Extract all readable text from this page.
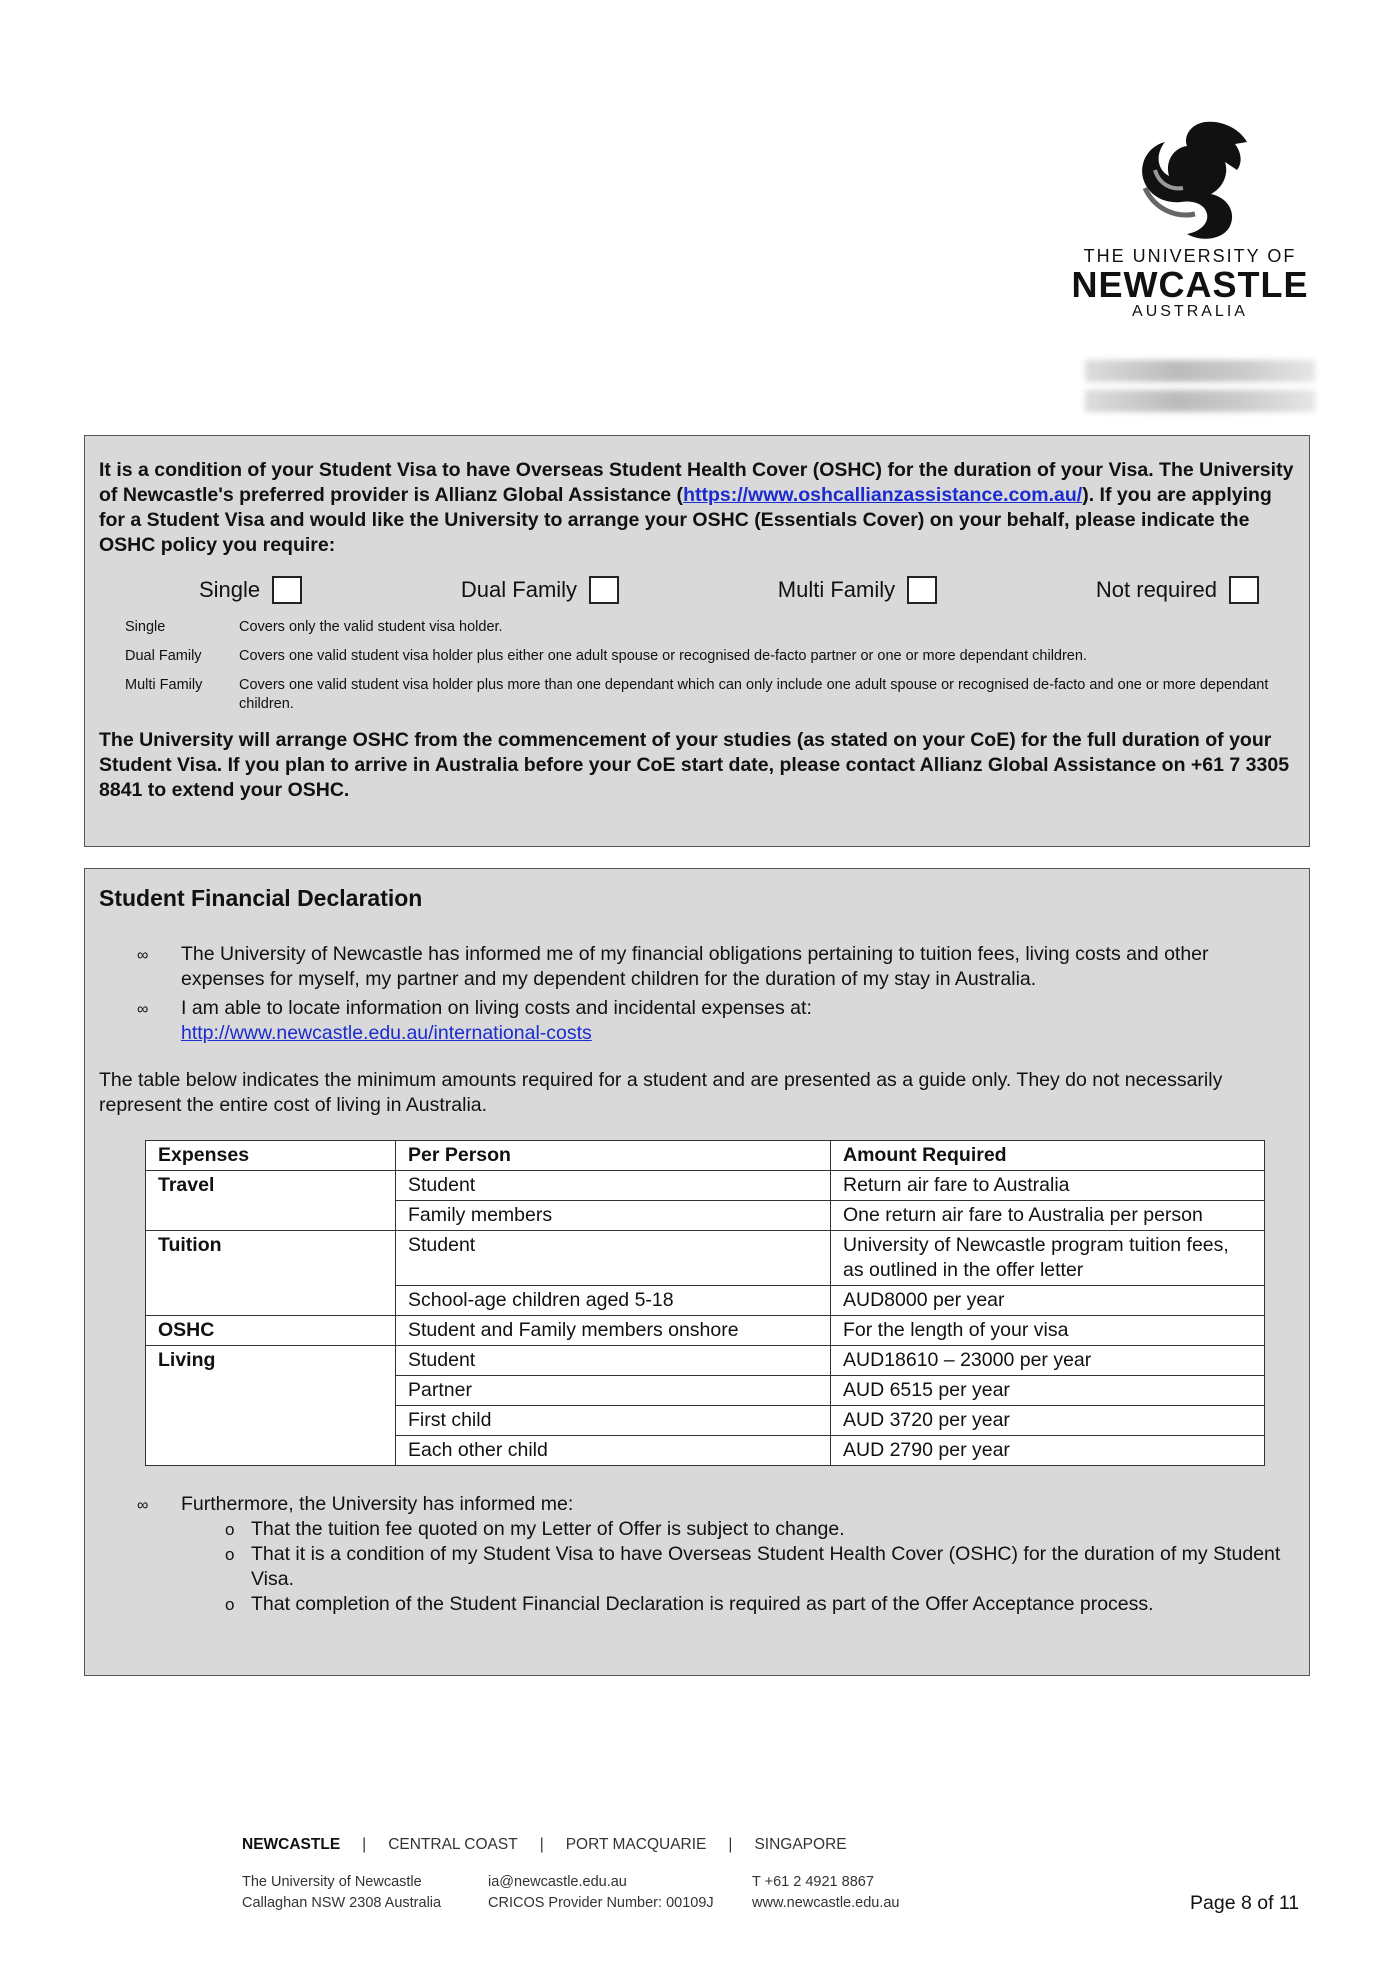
THE UNIVERSITY OF
NEWCASTLE
AUSTRALIA

It is a condition of your Student Visa to have Overseas Student Health Cover (OSHC) for the duration of your Visa. The University of Newcastle's preferred provider is Allianz Global Assistance (https://www.oshcallianzassistance.com.au/). If you are applying for a Student Visa and would like the University to arrange your OSHC (Essentials Cover) on your behalf, please indicate the OSHC policy you require:

Single	Dual Family	Multi Family	Not required
Single	Covers only the valid student visa holder.
Dual Family	Covers one valid student visa holder plus either one adult spouse or recognised de-facto partner or one or more dependant children.
Multi Family	Covers one valid student visa holder plus more than one dependant which can only include one adult spouse or recognised de-facto and one or more dependant children.

The University will arrange OSHC from the commencement of your studies (as stated on your CoE) for the full duration of your Student Visa. If you plan to arrive in Australia before your CoE start date, please contact Allianz Global Assistance on +61 7 3305 8841 to extend your OSHC.

Student Financial Declaration
∞ The University of Newcastle has informed me of my financial obligations pertaining to tuition fees, living costs and other expenses for myself, my partner and my dependent children for the duration of my stay in Australia.
∞ I am able to locate information on living costs and incidental expenses at:
http://www.newcastle.edu.au/international-costs
The table below indicates the minimum amounts required for a student and are presented as a guide only. They do not necessarily represent the entire cost of living in Australia.
Expenses	Per Person	Amount Required
Travel	Student	Return air fare to Australia
	Family members	One return air fare to Australia per person
Tuition	Student	University of Newcastle program tuition fees, as outlined in the offer letter
	School-age children aged 5-18	AUD8000 per year
OSHC	Student and Family members onshore	For the length of your visa
Living	Student	AUD18610 – 23000 per year
	Partner	AUD 6515 per year
	First child	AUD 3720 per year
	Each other child	AUD 2790 per year
∞ Furthermore, the University has informed me:
o That the tuition fee quoted on my Letter of Offer is subject to change.
o That it is a condition of my Student Visa to have Overseas Student Health Cover (OSHC) for the duration of my Student Visa.
o That completion of the Student Financial Declaration is required as part of the Offer Acceptance process.
NEWCASTLE | CENTRAL COAST | PORT MACQUARIE | SINGAPORE
The University of Newcastle
Callaghan NSW 2308 Australia
ia@newcastle.edu.au
CRICOS Provider Number: 00109J
T +61 2 4921 8867
www.newcastle.edu.au	Page 8 of 11
